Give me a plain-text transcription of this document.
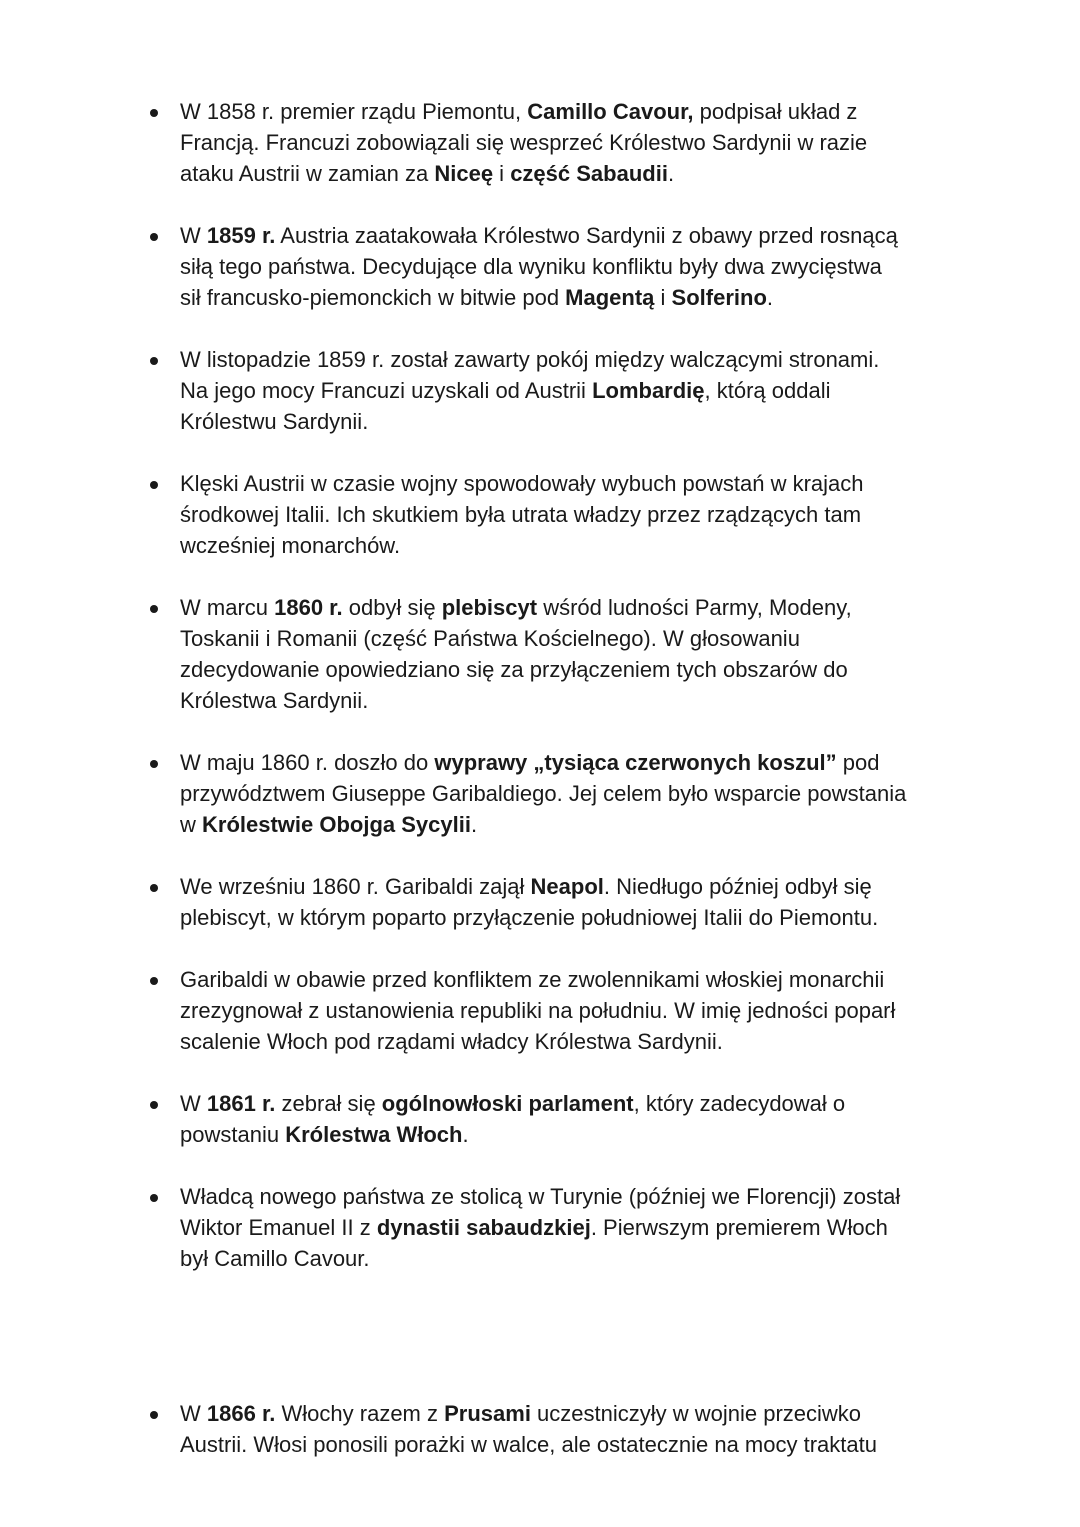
W 1858 r. premier rządu Piemontu, Camillo Cavour, podpisał układ z
Francją. Francuzi zobowiązali się wesprzeć Królestwo Sardynii w razie
ataku Austrii w zamian za Niceę i część Sabaudii.
W 1859 r. Austria zaatakowała Królestwo Sardynii z obawy przed rosnącą
siłą tego państwa. Decydujące dla wyniku konfliktu były dwa zwycięstwa
sił francusko-piemonckich w bitwie pod Magentą i Solferino.
W listopadzie 1859 r. został zawarty pokój między walczącymi stronami.
Na jego mocy Francuzi uzyskali od Austrii Lombardię, którą oddali
Królestwu Sardynii.
Klęski Austrii w czasie wojny spowodowały wybuch powstań w krajach
środkowej Italii. Ich skutkiem była utrata władzy przez rządzących tam
wcześniej monarchów.
W marcu 1860 r. odbył się plebiscyt wśród ludności Parmy, Modeny,
Toskanii i Romanii (część Państwa Kościelnego). W głosowaniu
zdecydowanie opowiedziano się za przyłączeniem tych obszarów do
Królestwa Sardynii.
W maju 1860 r. doszło do wyprawy „tysiąca czerwonych koszul” pod
przywództwem Giuseppe Garibaldiego. Jej celem było wsparcie powstania
w Królestwie Obojga Sycylii.
We wrześniu 1860 r. Garibaldi zajął Neapol. Niedługo później odbył się
plebiscyt, w którym poparto przyłączenie południowej Italii do Piemontu.
Garibaldi w obawie przed konfliktem ze zwolennikami włoskiej monarchii
zrezygnował z ustanowienia republiki na południu. W imię jedności poparł
scalenie Włoch pod rządami władcy Królestwa Sardynii.
W 1861 r. zebrał się ogólnowłoski parlament, który zadecydował o
powstaniu Królestwa Włoch.
Władcą nowego państwa ze stolicą w Turynie (później we Florencji) został
Wiktor Emanuel II z dynastii sabaudzkiej. Pierwszym premierem Włoch
był Camillo Cavour.
W 1866 r. Włochy razem z Prusami uczestniczyły w wojnie przeciwko
Austrii. Włosi ponosili porażki w walce, ale ostatecznie na mocy traktatu
